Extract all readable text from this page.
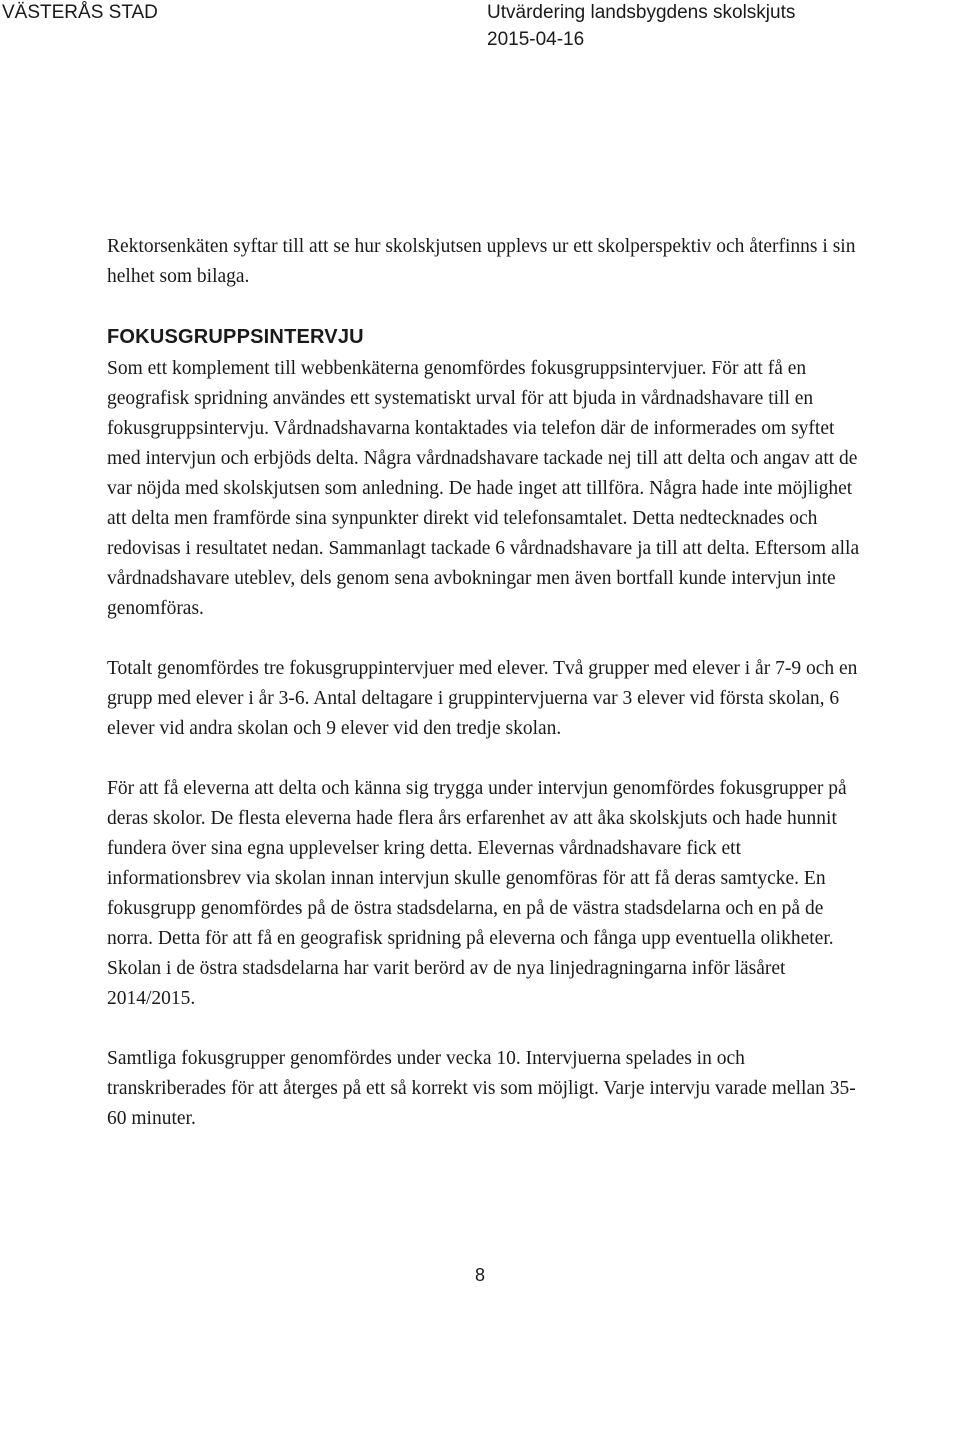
VÄSTERÅS STAD	Utvärdering landsbygdens skolskjuts

2015-04-16

Rektorsenkäten syftar till att se hur skolskjutsen upplevs ur ett skolperspektiv och återfinns i sin helhet som bilaga.

FOKUSGRUPPSINTERVJU

Som ett komplement till webbenkäterna genomfördes fokusgruppsintervjuer. För att få en geografisk spridning användes ett systematiskt urval för att bjuda in vårdnadshavare till en fokusgruppsintervju. Vårdnadshavarna kontaktades via telefon där de informerades om syftet med intervjun och erbjöds delta. Några vårdnadshavare tackade nej till att delta och angav att de var nöjda med skolskjutsen som anledning. De hade inget att tillföra. Några hade inte möjlighet att delta men framförde sina synpunkter direkt vid telefonsamtalet. Detta nedtecknades och redovisas i resultatet nedan. Sammanlagt tackade 6 vårdnadshavare ja till att delta. Eftersom alla vårdnadshavare uteblev, dels genom sena avbokningar men även bortfall kunde intervjun inte genomföras.

Totalt genomfördes tre fokusgruppintervjuer med elever. Två grupper med elever i år 7-9 och en grupp med elever i år 3-6. Antal deltagare i gruppintervjuerna var 3 elever vid första skolan, 6 elever vid andra skolan och 9 elever vid den tredje skolan.

För att få eleverna att delta och känna sig trygga under intervjun genomfördes fokusgrupper på deras skolor. De flesta eleverna hade flera års erfarenhet av att åka skolskjuts och hade hunnit fundera över sina egna upplevelser kring detta. Elevernas vårdnadshavare fick ett informationsbrev via skolan innan intervjun skulle genomföras för att få deras samtycke. En fokusgrupp genomfördes på de östra stadsdelarna, en på de västra stadsdelarna och en på de norra. Detta för att få en geografisk spridning på eleverna och fånga upp eventuella olikheter. Skolan i de östra stadsdelarna har varit berörd av de nya linjedragningarna inför läsåret 2014/2015.

Samtliga fokusgrupper genomfördes under vecka 10. Intervjuerna spelades in och transkriberades för att återges på ett så korrekt vis som möjligt. Varje intervju varade mellan 35-60 minuter.

8
